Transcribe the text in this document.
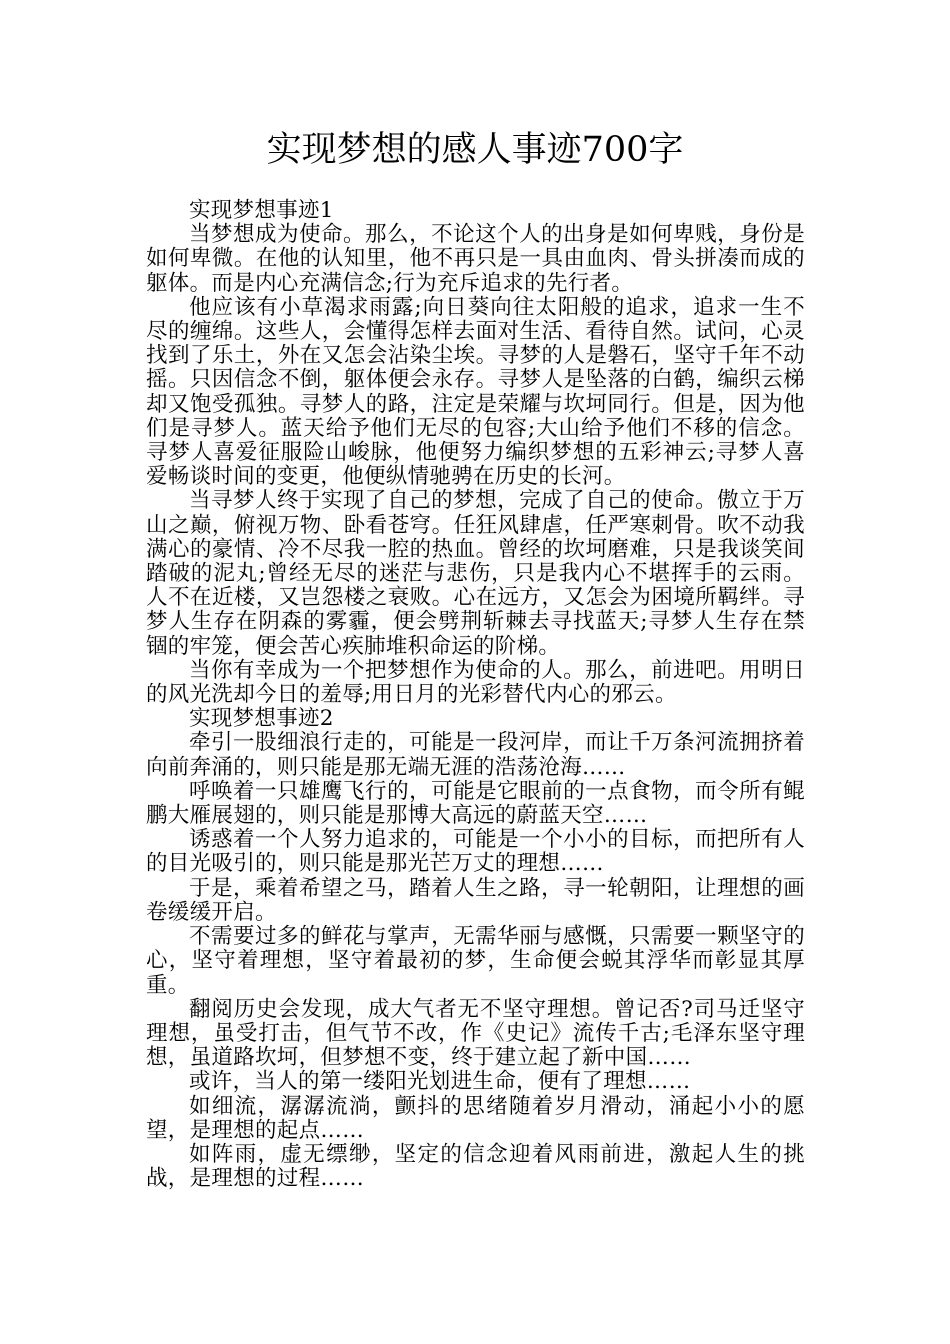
实现梦想的感人事迹700字

实现梦想事迹1

当梦想成为使命。那么，不论这个人的出身是如何卑贱，身份是如何卑微。在他的认知里，他不再只是一具由血肉、骨头拼凑而成的躯体。而是内心充满信念;行为充斥追求的先行者。

他应该有小草渴求雨露;向日葵向往太阳般的追求，追求一生不尽的缠绵。这些人，会懂得怎样去面对生活、看待自然。试问，心灵找到了乐土，外在又怎会沾染尘埃。寻梦的人是磐石，坚守千年不动摇。只因信念不倒，躯体便会永存。寻梦人是坠落的白鹤，编织云梯却又饱受孤独。寻梦人的路，注定是荣耀与坎坷同行。但是，因为他们是寻梦人。蓝天给予他们无尽的包容;大山给予他们不移的信念。寻梦人喜爱征服险山峻脉，他便努力编织梦想的五彩神云;寻梦人喜爱畅谈时间的变更，他便纵情驰骋在历史的长河。

当寻梦人终于实现了自己的梦想，完成了自己的使命。傲立于万山之巅，俯视万物、卧看苍穹。任狂风肆虐，任严寒刺骨。吹不动我满心的豪情、冷不尽我一腔的热血。曾经的坎坷磨难，只是我谈笑间踏破的泥丸;曾经无尽的迷茫与悲伤，只是我内心不堪挥手的云雨。人不在近楼，又岂怨楼之衰败。心在远方，又怎会为困境所羁绊。寻梦人生存在阴森的雾霾，便会劈荆斩棘去寻找蓝天;寻梦人生存在禁锢的牢笼，便会苦心疾肺堆积命运的阶梯。

当你有幸成为一个把梦想作为使命的人。那么，前进吧。用明日的风光洗却今日的羞辱;用日月的光彩替代内心的邪云。

实现梦想事迹2

牵引一股细浪行走的，可能是一段河岸，而让千万条河流拥挤着向前奔涌的，则只能是那无端无涯的浩荡沧海……

呼唤着一只雄鹰飞行的，可能是它眼前的一点食物，而令所有鲲鹏大雁展翅的，则只能是那博大高远的蔚蓝天空……

诱惑着一个人努力追求的，可能是一个小小的目标，而把所有人的目光吸引的，则只能是那光芒万丈的理想……

于是，乘着希望之马，踏着人生之路，寻一轮朝阳，让理想的画卷缓缓开启。

不需要过多的鲜花与掌声，无需华丽与感慨，只需要一颗坚守的心，坚守着理想，坚守着最初的梦，生命便会蜕其浮华而彰显其厚重。

翻阅历史会发现，成大气者无不坚守理想。曾记否?司马迁坚守理想，虽受打击，但气节不改，作《史记》流传千古;毛泽东坚守理想，虽道路坎坷，但梦想不变，终于建立起了新中国……

或许，当人的第一缕阳光划进生命，便有了理想……

如细流，潺潺流淌，颤抖的思绪随着岁月滑动，涌起小小的愿望，是理想的起点……

如阵雨，虚无缥缈，坚定的信念迎着风雨前进，激起人生的挑战，是理想的过程……
